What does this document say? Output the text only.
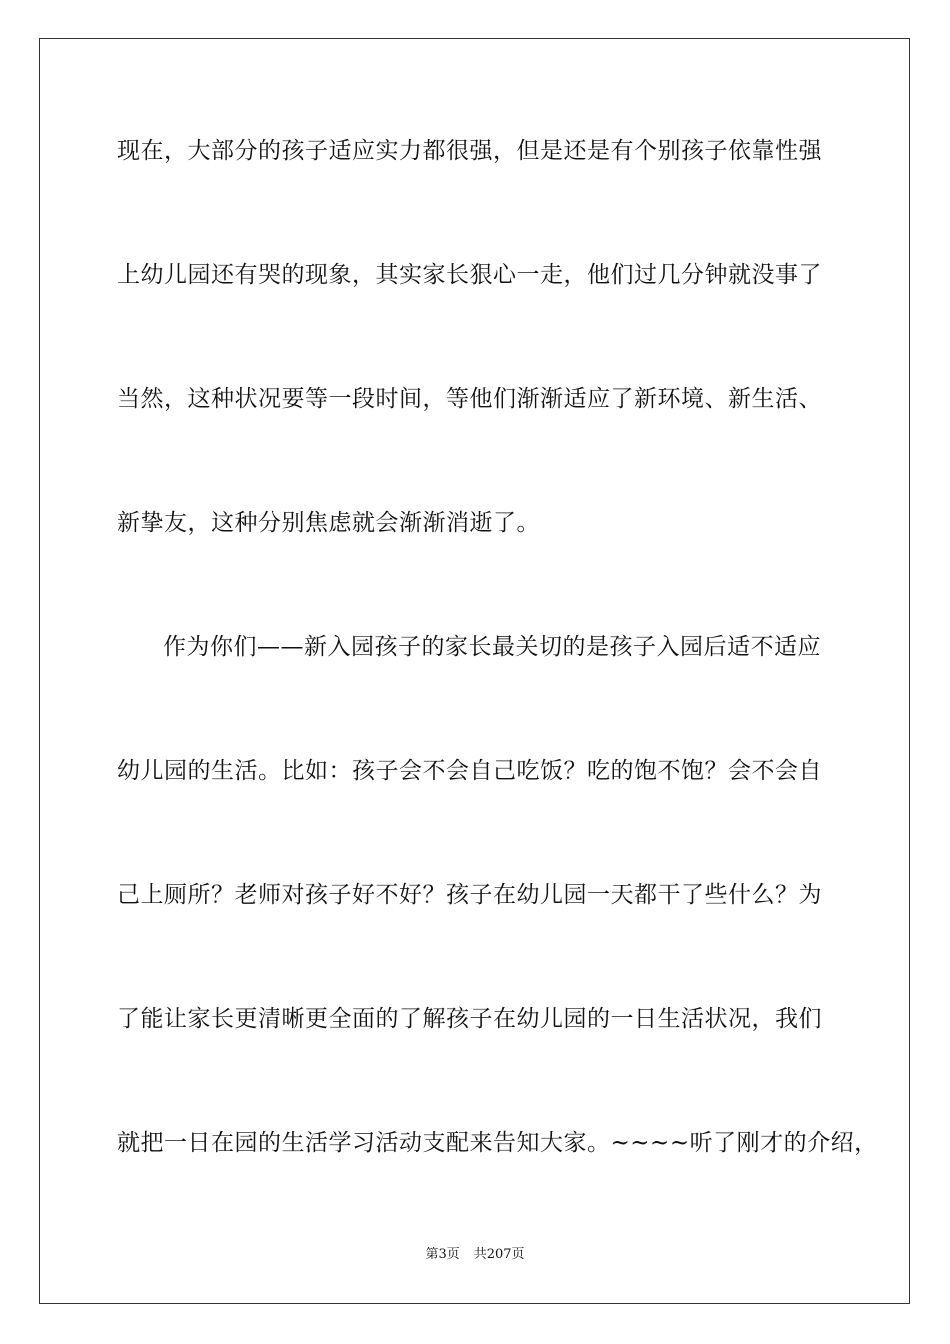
现在，大部分的孩子适应实力都很强，但是还是有个别孩子依靠性强
上幼儿园还有哭的现象，其实家长狠心一走，他们过几分钟就没事了
当然，这种状况要等一段时间，等他们渐渐适应了新环境、新生活、
新挚友，这种分别焦虑就会渐渐消逝了。
作为你们——新入园孩子的家长最关切的是孩子入园后适不适应
幼儿园的生活。比如：孩子会不会自己吃饭？吃的饱不饱？会不会自
己上厕所？老师对孩子好不好？孩子在幼儿园一天都干了些什么？为
了能让家长更清晰更全面的了解孩子在幼儿园的一日生活状况，我们
就把一日在园的生活学习活动支配来告知大家。~~~~听了刚才的介绍，
第3页 共207页
